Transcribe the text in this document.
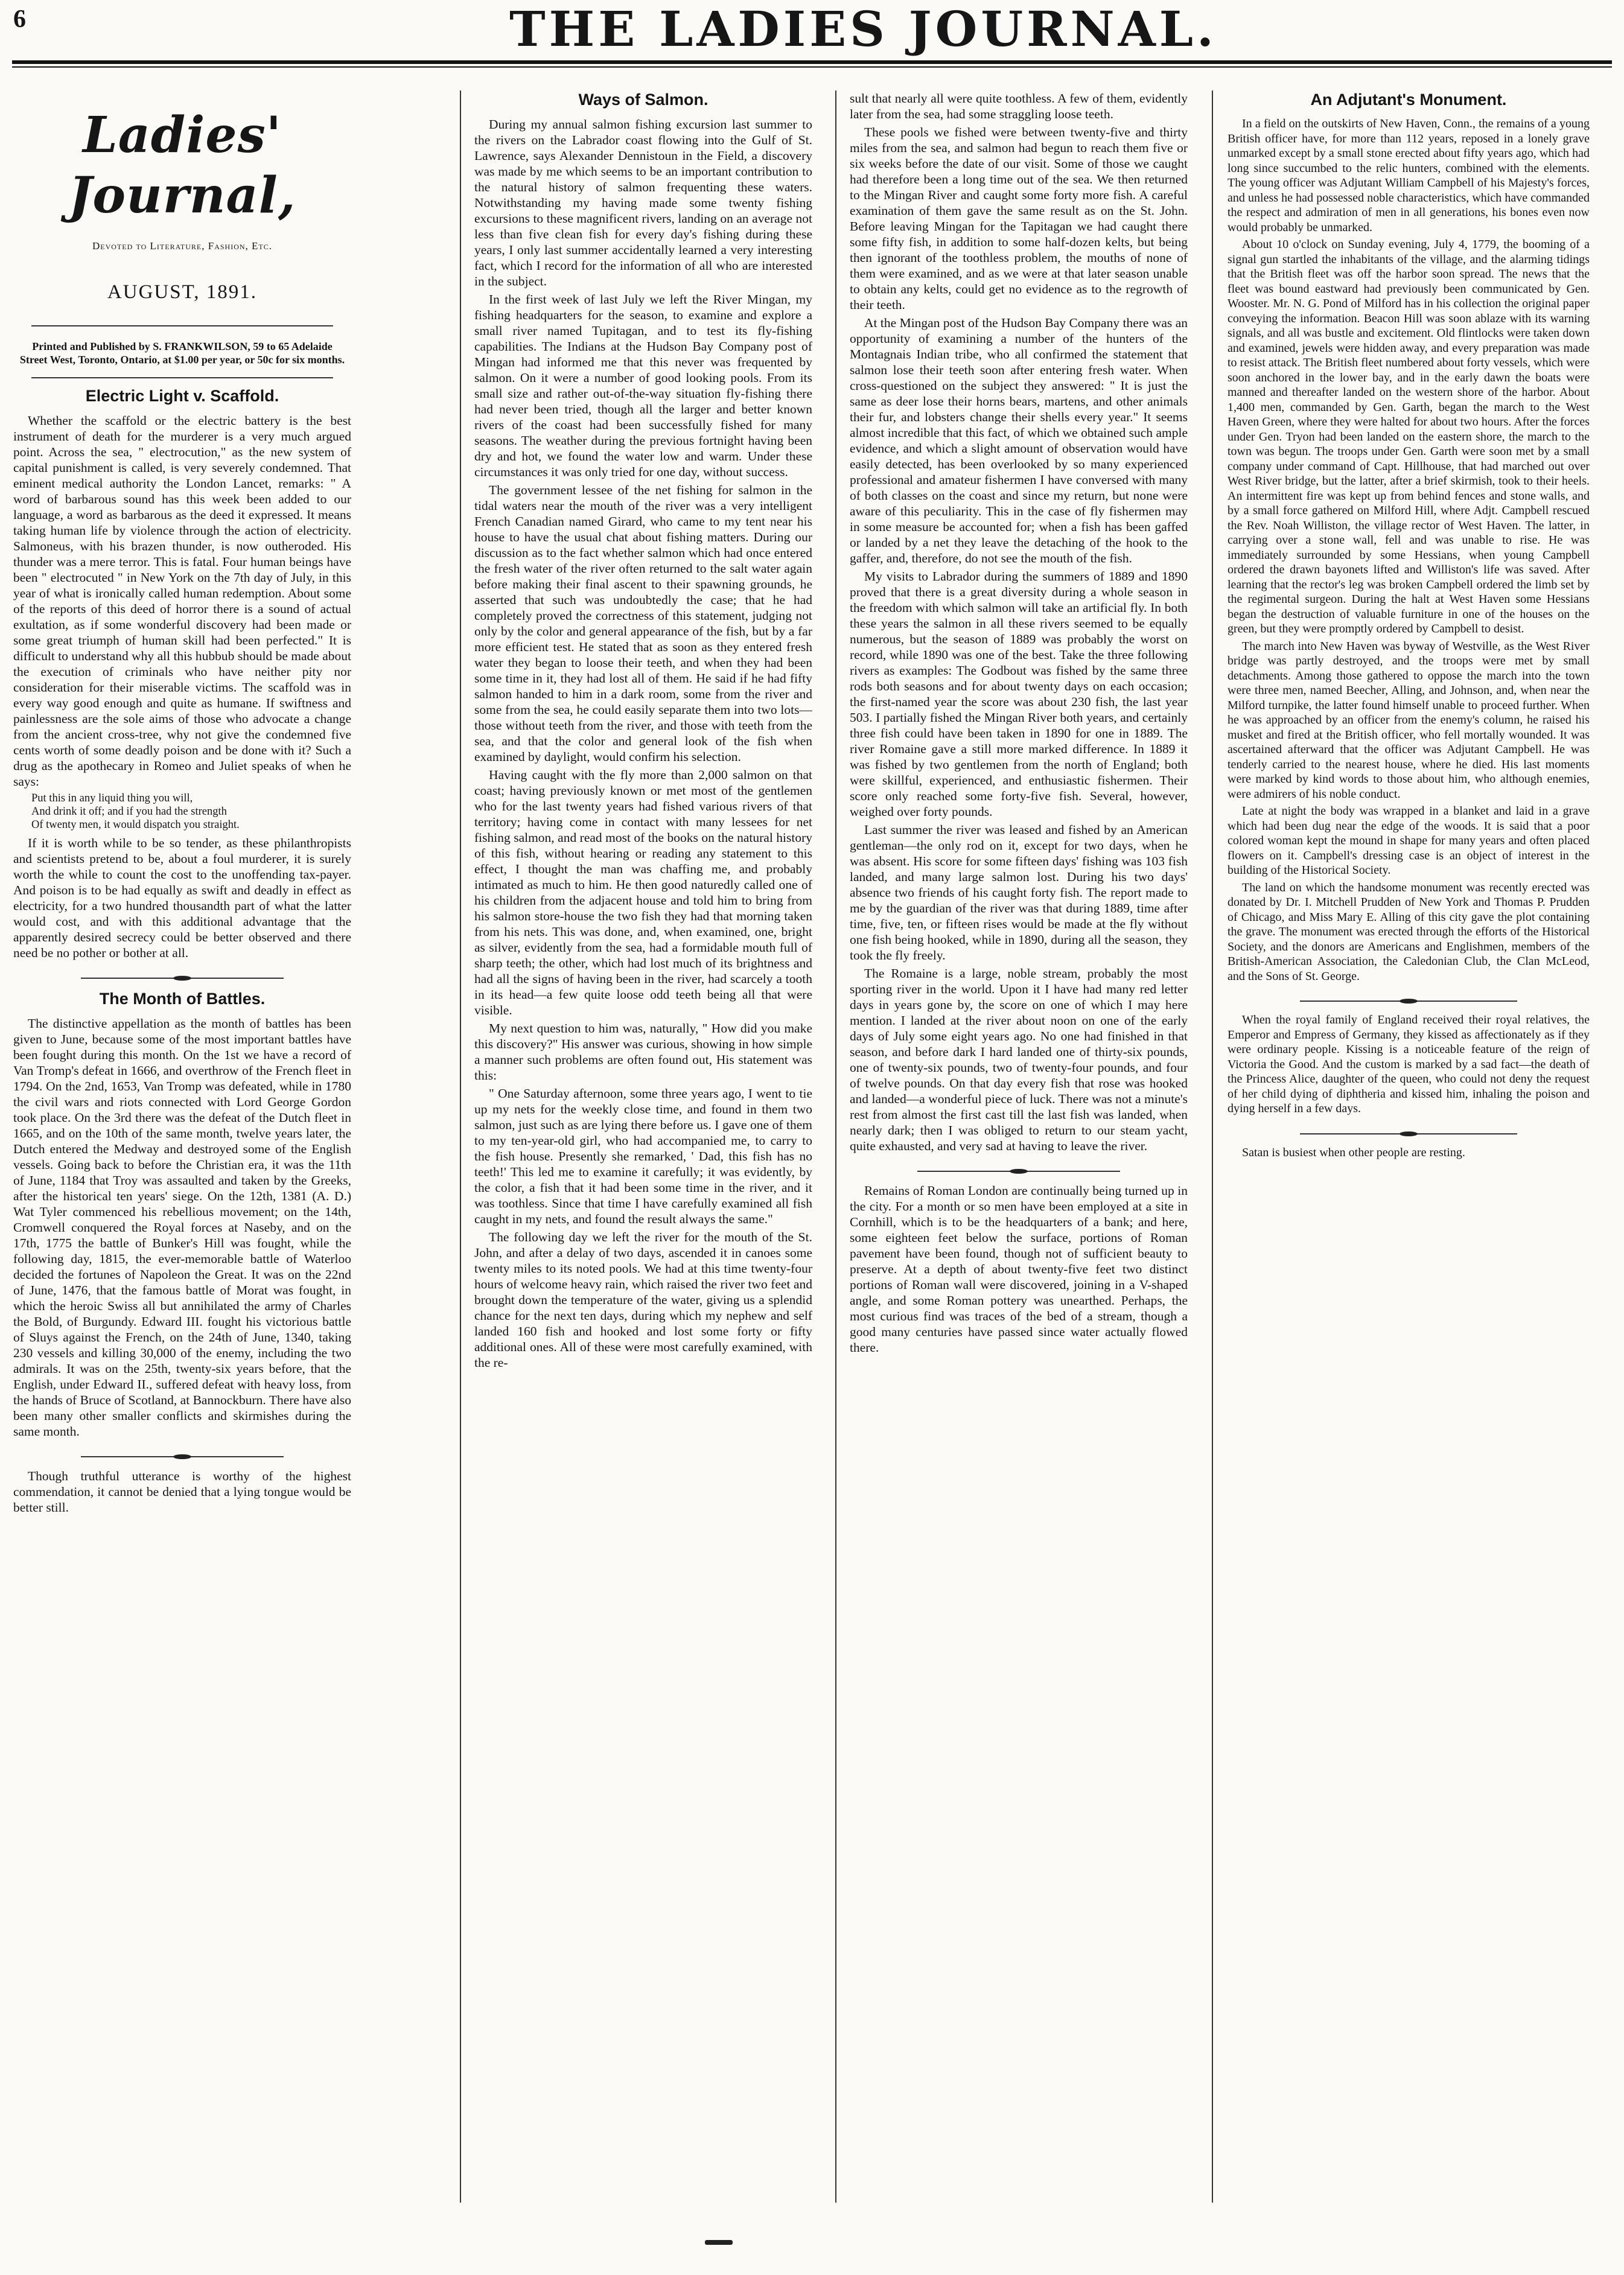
6	THE LADIES JOURNAL.
Ladies' Journal,
Devoted to Literature, Fashion, Etc.
AUGUST, 1891.
Printed and Published by S. FRANKWILSON, 59 to 65 Adelaide Street West, Toronto, Ontario, at $1.00 per year, or 50c for six months.
Electric Light v. Scaffold.

Whether the scaffold or the electric battery is the best instrument of death for the murderer is a very much argued point. Across the sea, " electrocution," as the new system of capital punishment is called, is very severely condemned. That eminent medical authority the London Lancet, remarks: " A word of barbarous sound has this week been added to our language, a word as barbarous as the deed it expressed. It means taking human life by violence through the action of electricity. Salmoneus, with his brazen thunder, is now outheroded. His thunder was a mere terror. This is fatal. Four human beings have been " electrocuted " in New York on the 7th day of July, in this year of what is ironically called human redemption. About some of the reports of this deed of horror there is a sound of actual exultation, as if some wonderful discovery had been made or some great triumph of human skill had been perfected." It is difficult to understand why all this hubbub should be made about the execution of criminals who have neither pity nor consideration for their miserable victims. The scaffold was in every way good enough and quite as humane. If swiftness and painlessness are the sole aims of those who advocate a change from the ancient cross-tree, why not give the condemned five cents worth of some deadly poison and be done with it? Such a drug as the apothecary in Romeo and Juliet speaks of when he says:

Put this in any liquid thing you will,
And drink it off; and if you had the strength
Of twenty men, it would dispatch you straight.

If it is worth while to be so tender, as these philanthropists and scientists pretend to be, about a foul murderer, it is surely worth the while to count the cost to the unoffending tax-payer. And poison is to be had equally as swift and deadly in effect as electricity, for a two hundred thousandth part of what the latter would cost, and with this additional advantage that the apparently desired secrecy could be better observed and there need be no pother or bother at all.

The Month of Battles.

The distinctive appellation as the month of battles has been given to June, because some of the most important battles have been fought during this month. On the 1st we have a record of Van Tromp's defeat in 1666, and overthrow of the French fleet in 1794. On the 2nd, 1653, Van Tromp was defeated, while in 1780 the civil wars and riots connected with Lord George Gordon took place. On the 3rd there was the defeat of the Dutch fleet in 1665, and on the 10th of the same month, twelve years later, the Dutch entered the Medway and destroyed some of the English vessels. Going back to before the Christian era, it was the 11th of June, 1184 that Troy was assaulted and taken by the Greeks, after the historical ten years' siege. On the 12th, 1381 (A. D.) Wat Tyler commenced his rebellious movement; on the 14th, Cromwell conquered the Royal forces at Naseby, and on the 17th, 1775 the battle of Bunker's Hill was fought, while the following day, 1815, the ever-memorable battle of Waterloo decided the fortunes of Napoleon the Great. It was on the 22nd of June, 1476, that the famous battle of Morat was fought, in which the heroic Swiss all but annihilated the army of Charles the Bold, of Burgundy. Edward III. fought his victorious battle of Sluys against the French, on the 24th of June, 1340, taking 230 vessels and killing 30,000 of the enemy, including the two admirals. It was on the 25th, twenty-six years before, that the English, under Edward II., suffered defeat with heavy loss, from the hands of Bruce of Scotland, at Bannockburn. There have also been many other smaller conflicts and skirmishes during the same month.

Though truthful utterance is worthy of the highest commendation, it cannot be denied that a lying tongue would be better still.

Ways of Salmon.

During my annual salmon fishing excursion last summer to the rivers on the Labrador coast flowing into the Gulf of St. Lawrence, says Alexander Dennistoun in the Field, a discovery was made by me which seems to be an important contribution to the natural history of salmon frequenting these waters. Notwithstanding my having made some twenty fishing excursions to these magnificent rivers, landing on an average not less than five clean fish for every day's fishing during these years, I only last summer accidentally learned a very interesting fact, which I record for the information of all who are interested in the subject.

In the first week of last July we left the River Mingan, my fishing headquarters for the season, to examine and explore a small river named Tupitagan, and to test its fly-fishing capabilities. The Indians at the Hudson Bay Company post of Mingan had informed me that this never was frequented by salmon. On it were a number of good looking pools. From its small size and rather out-of-the-way situation fly-fishing there had never been tried, though all the larger and better known rivers of the coast had been successfully fished for many seasons. The weather during the previous fortnight having been dry and hot, we found the water low and warm. Under these circumstances it was only tried for one day, without success.

The government lessee of the net fishing for salmon in the tidal waters near the mouth of the river was a very intelligent French Canadian named Girard, who came to my tent near his house to have the usual chat about fishing matters. During our discussion as to the fact whether salmon which had once entered the fresh water of the river often returned to the salt water again before making their final ascent to their spawning grounds, he asserted that such was undoubtedly the case; that he had completely proved the correctness of this statement, judging not only by the color and general appearance of the fish, but by a far more efficient test. He stated that as soon as they entered fresh water they began to loose their teeth, and when they had been some time in it, they had lost all of them. He said if he had fifty salmon handed to him in a dark room, some from the river and some from the sea, he could easily separate them into two lots—those without teeth from the river, and those with teeth from the sea, and that the color and general look of the fish when examined by daylight, would confirm his selection.

Having caught with the fly more than 2,000 salmon on that coast; having previously known or met most of the gentlemen who for the last twenty years had fished various rivers of that territory; having come in contact with many lessees for net fishing salmon, and read most of the books on the natural history of this fish, without hearing or reading any statement to this effect, I thought the man was chaffing me, and probably intimated as much to him. He then good naturedly called one of his children from the adjacent house and told him to bring from his salmon store-house the two fish they had that morning taken from his nets. This was done, and, when examined, one, bright as silver, evidently from the sea, had a formidable mouth full of sharp teeth; the other, which had lost much of its brightness and had all the signs of having been in the river, had scarcely a tooth in its head—a few quite loose odd teeth being all that were visible.

My next question to him was, naturally, " How did you make this discovery?" His answer was curious, showing in how simple a manner such problems are often found out, His statement was this:

" One Saturday afternoon, some three years ago, I went to tie up my nets for the weekly close time, and found in them two salmon, just such as are lying there before us. I gave one of them to my ten-year-old girl, who had accompanied me, to carry to the fish house. Presently she remarked, ' Dad, this fish has no teeth!' This led me to examine it carefully; it was evidently, by the color, a fish that it had been some time in the river, and it was toothless. Since that time I have carefully examined all fish caught in my nets, and found the result always the same."

The following day we left the river for the mouth of the St. John, and after a delay of two days, ascended it in canoes some twenty miles to its noted pools. We had at this time twenty-four hours of welcome heavy rain, which raised the river two feet and brought down the temperature of the water, giving us a splendid chance for the next ten days, during which my nephew and self landed 160 fish and hooked and lost some forty or fifty additional ones. All of these were most carefully examined, with the re-

sult that nearly all were quite toothless. A few of them, evidently later from the sea, had some straggling loose teeth.

These pools we fished were between twenty-five and thirty miles from the sea, and salmon had begun to reach them five or six weeks before the date of our visit. Some of those we caught had therefore been a long time out of the sea. We then returned to the Mingan River and caught some forty more fish. A careful examination of them gave the same result as on the St. John. Before leaving Mingan for the Tapitagan we had caught there some fifty fish, in addition to some half-dozen kelts, but being then ignorant of the toothless problem, the mouths of none of them were examined, and as we were at that later season unable to obtain any kelts, could get no evidence as to the regrowth of their teeth.

At the Mingan post of the Hudson Bay Company there was an opportunity of examining a number of the hunters of the Montagnais Indian tribe, who all confirmed the statement that salmon lose their teeth soon after entering fresh water. When cross-questioned on the subject they answered: " It is just the same as deer lose their horns bears, martens, and other animals their fur, and lobsters change their shells every year." It seems almost incredible that this fact, of which we obtained such ample evidence, and which a slight amount of observation would have easily detected, has been overlooked by so many experienced professional and amateur fishermen I have conversed with many of both classes on the coast and since my return, but none were aware of this peculiarity. This in the case of fly fishermen may in some measure be accounted for; when a fish has been gaffed or landed by a net they leave the detaching of the hook to the gaffer, and, therefore, do not see the mouth of the fish.

My visits to Labrador during the summers of 1889 and 1890 proved that there is a great diversity during a whole season in the freedom with which salmon will take an artificial fly. In both these years the salmon in all these rivers seemed to be equally numerous, but the season of 1889 was probably the worst on record, while 1890 was one of the best. Take the three following rivers as examples: The Godbout was fished by the same three rods both seasons and for about twenty days on each occasion; the first-named year the score was about 230 fish, the last year 503. I partially fished the Mingan River both years, and certainly three fish could have been taken in 1890 for one in 1889. The river Romaine gave a still more marked difference. In 1889 it was fished by two gentlemen from the north of England; both were skillful, experienced, and enthusiastic fishermen. Their score only reached some forty-five fish. Several, however, weighed over forty pounds.

Last summer the river was leased and fished by an American gentleman—the only rod on it, except for two days, when he was absent. His score for some fifteen days' fishing was 103 fish landed, and many large salmon lost. During his two days' absence two friends of his caught forty fish. The report made to me by the guardian of the river was that during 1889, time after time, five, ten, or fifteen rises would be made at the fly without one fish being hooked, while in 1890, during all the season, they took the fly freely.

The Romaine is a large, noble stream, probably the most sporting river in the world. Upon it I have had many red letter days in years gone by, the score on one of which I may here mention. I landed at the river about noon on one of the early days of July some eight years ago. No one had finished in that season, and before dark I hard landed one of thirty-six pounds, one of twenty-six pounds, two of twenty-four pounds, and four of twelve pounds. On that day every fish that rose was hooked and landed—a wonderful piece of luck. There was not a minute's rest from almost the first cast till the last fish was landed, when nearly dark; then I was obliged to return to our steam yacht, quite exhausted, and very sad at having to leave the river.

Remains of Roman London are continually being turned up in the city. For a month or so men have been employed at a site in Cornhill, which is to be the headquarters of a bank; and here, some eighteen feet below the surface, portions of Roman pavement have been found, though not of sufficient beauty to preserve. At a depth of about twenty-five feet two distinct portions of Roman wall were discovered, joining in a V-shaped angle, and some Roman pottery was unearthed. Perhaps, the most curious find was traces of the bed of a stream, though a good many centuries have passed since water actually flowed there.

An Adjutant's Monument.

In a field on the outskirts of New Haven, Conn., the remains of a young British officer have, for more than 112 years, reposed in a lonely grave unmarked except by a small stone erected about fifty years ago, which had long since succumbed to the relic hunters, combined with the elements. The young officer was Adjutant William Campbell of his Majesty's forces, and unless he had possessed noble characteristics, which have commanded the respect and admiration of men in all generations, his bones even now would probably be unmarked.

About 10 o'clock on Sunday evening, July 4, 1779, the booming of a signal gun startled the inhabitants of the village, and the alarming tidings that the British fleet was off the harbor soon spread. The news that the fleet was bound eastward had previously been communicated by Gen. Wooster. Mr. N. G. Pond of Milford has in his collection the original paper conveying the information. Beacon Hill was soon ablaze with its warning signals, and all was bustle and excitement. Old flintlocks were taken down and examined, jewels were hidden away, and every preparation was made to resist attack. The British fleet numbered about forty vessels, which were soon anchored in the lower bay, and in the early dawn the boats were manned and thereafter landed on the western shore of the harbor. About 1,400 men, commanded by Gen. Garth, began the march to the West Haven Green, where they were halted for about two hours. After the forces under Gen. Tryon had been landed on the eastern shore, the march to the town was begun. The troops under Gen. Garth were soon met by a small company under command of Capt. Hillhouse, that had marched out over West River bridge, but the latter, after a brief skirmish, took to their heels. An intermittent fire was kept up from behind fences and stone walls, and by a small force gathered on Milford Hill, where Adjt. Campbell rescued the Rev. Noah Williston, the village rector of West Haven. The latter, in carrying over a stone wall, fell and was unable to rise. He was immediately surrounded by some Hessians, when young Campbell ordered the drawn bayonets lifted and Williston's life was saved. After learning that the rector's leg was broken Campbell ordered the limb set by the regimental surgeon. During the halt at West Haven some Hessians began the destruction of valuable furniture in one of the houses on the green, but they were promptly ordered by Campbell to desist.

The march into New Haven was byway of Westville, as the West River bridge was partly destroyed, and the troops were met by small detachments. Among those gathered to oppose the march into the town were three men, named Beecher, Alling, and Johnson, and, when near the Milford turnpike, the latter found himself unable to proceed further. When he was approached by an officer from the enemy's column, he raised his musket and fired at the British officer, who fell mortally wounded. It was ascertained afterward that the officer was Adjutant Campbell. He was tenderly carried to the nearest house, where he died. His last moments were marked by kind words to those about him, who although enemies, were admirers of his noble conduct.

Late at night the body was wrapped in a blanket and laid in a grave which had been dug near the edge of the woods. It is said that a poor colored woman kept the mound in shape for many years and often placed flowers on it. Campbell's dressing case is an object of interest in the building of the Historical Society.

The land on which the handsome monument was recently erected was donated by Dr. I. Mitchell Prudden of New York and Thomas P. Prudden of Chicago, and Miss Mary E. Alling of this city gave the plot containing the grave. The monument was erected through the efforts of the Historical Society, and the donors are Americans and Englishmen, members of the British-American Association, the Caledonian Club, the Clan McLeod, and the Sons of St. George.

When the royal family of England received their royal relatives, the Emperor and Empress of Germany, they kissed as affectionately as if they were ordinary people. Kissing is a noticeable feature of the reign of Victoria the Good. And the custom is marked by a sad fact—the death of the Princess Alice, daughter of the queen, who could not deny the request of her child dying of diphtheria and kissed him, inhaling the poison and dying herself in a few days.

Satan is busiest when other people are resting.
